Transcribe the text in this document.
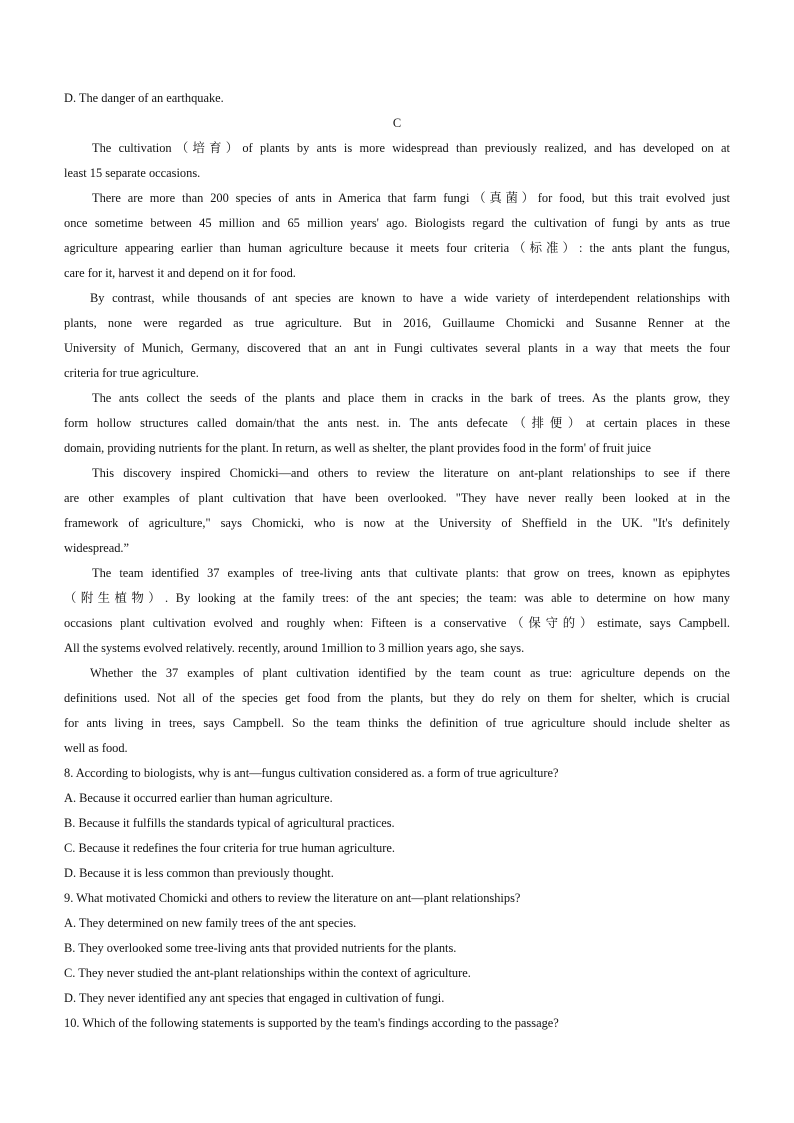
D. The danger of an earthquake.
C
The cultivation（培育）of plants by ants is more widespread than previously realized, and has developed on at
least 15 separate occasions.
There are more than 200 species of ants in America that farm fungi（真菌）for food, but this trait evolved just
once sometime between 45 million and 65 million years' ago. Biologists regard the cultivation of fungi by ants as true
agriculture appearing earlier than human agriculture because it meets four criteria（标准）: the ants plant the fungus,
care for it, harvest it and depend on it for food.
By contrast, while thousands of ant species are known to have a wide variety of interdependent relationships with
plants, none were regarded as true agriculture. But in 2016, Guillaume Chomicki and Susanne Renner at the
University of Munich, Germany, discovered that an ant in Fungi cultivates several plants in a way that meets the four
criteria for true agriculture.
The ants collect the seeds of the plants and place them in cracks in the bark of trees. As the plants grow, they
form hollow structures called domain/that the ants nest. in. The ants defecate（排便）at certain places in these
domain, providing nutrients for the plant. In return, as well as shelter, the plant provides food in the form' of fruit juice
This discovery inspired Chomicki—and others to review the literature on ant-plant relationships to see if there
are other examples of plant cultivation that have been overlooked. "They have never really been looked at in the
framework of agriculture," says Chomicki, who is now at the University of Sheffield in the UK. "It's definitely
widespread.”
The team identified 37 examples of tree-living ants that cultivate plants: that grow on trees, known as epiphytes
（附生植物）. By looking at the family trees: of the ant species; the team: was able to determine on how many
occasions plant cultivation evolved and roughly when: Fifteen is a conservative（保守的）estimate, says Campbell.
All the systems evolved relatively. recently, around 1million to 3 million years ago, she says.
Whether the 37 examples of plant cultivation identified by the team count as true: agriculture depends on the
definitions used. Not all of the species get food from the plants, but they do rely on them for shelter, which is crucial
for ants living in trees, says Campbell. So the team thinks the definition of true agriculture should include shelter as
well as food.
8. According to biologists, why is ant—fungus cultivation considered as. a form of true agriculture?
A. Because it occurred earlier than human agriculture.
B. Because it fulfills the standards typical of agricultural practices.
C. Because it redefines the four criteria for true human agriculture.
D. Because it is less common than previously thought.
9. What motivated Chomicki and others to review the literature on ant—plant relationships?
A. They determined on new family trees of the ant species.
B. They overlooked some tree-living ants that provided nutrients for the plants.
C. They never studied the ant-plant relationships within the context of agriculture.
D. They never identified any ant species that engaged in cultivation of fungi.
10. Which of the following statements is supported by the team's findings according to the passage?
